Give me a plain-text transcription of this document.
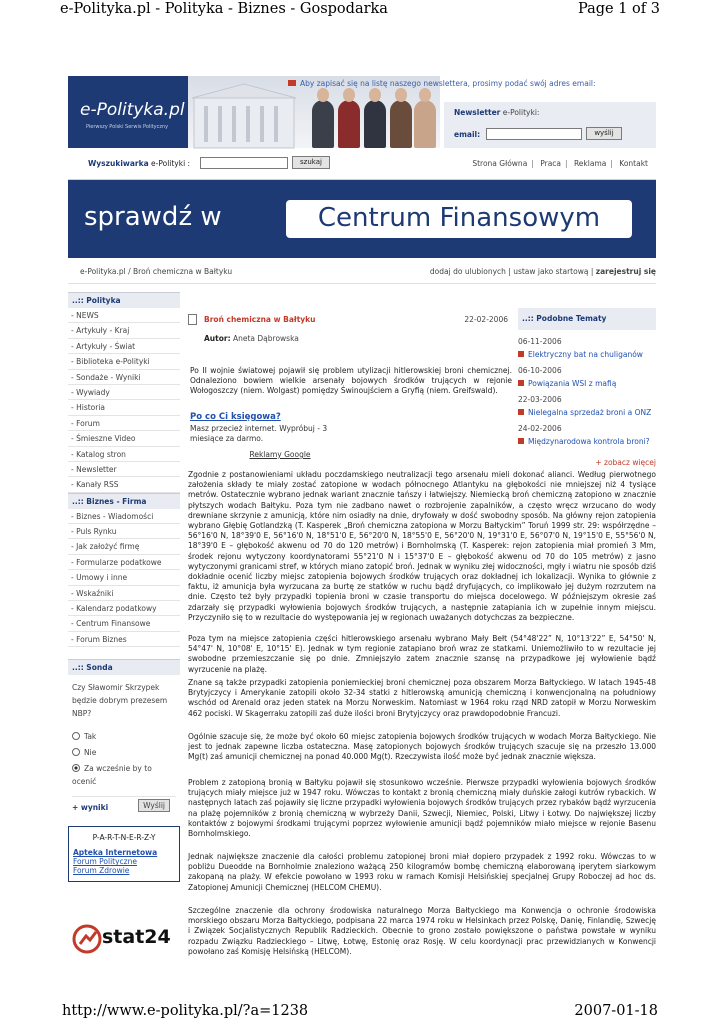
e-Polityka.pl - Polityka - Biznes - Gospodarka	Page 1 of 3
e-Polityka.pl
Pierwszy Polski Serwis Polityczny
Aby zapisać się na listę naszego newslettera, prosimy podać swój adres email:
Newsletter e-Polityki:
email:	wyślij
Wyszukiwarka e-Polityki :	szukaj	Strona Główna | Praca | Reklama | Kontakt
sprawdź w	Centrum Finansowym
e-Polityka.pl / Broń chemiczna w Bałtyku	dodaj do ulubionych | ustaw jako startową | zarejestruj się
..:: Polityka
- NEWS
- Artykuły - Kraj
- Artykuły - Świat
- Biblioteka e-Polityki
- Sondaże - Wyniki
- Wywiady
- Historia
- Forum
- Śmieszne Video
- Katalog stron
- Newsletter
- Kanały RSS
..:: Biznes - Firma
- Biznes - Wiadomości
- Puls Rynku
- Jak założyć firmę
- Formularze podatkowe
- Umowy i inne
- Wskaźniki
- Kalendarz podatkowy
- Centrum Finansowe
- Forum Biznes
..:: Sonda
Czy Sławomir Skrzypek będzie dobrym prezesem NBP?
Tak
Nie
Za wcześnie by to ocenić
+ wyniki	Wyślij
P-A-R-T-N-E-R-Z-Y
Apteka Internetowa
Forum Polityczne
Forum Zdrowie
stat24
Broń chemiczna w Bałtyku	22-02-2006
Autor: Aneta Dąbrowska
Po II wojnie światowej pojawił się problem utylizacji hitlerowskiej broni chemicznej. Odnaleziono bowiem wielkie arsenały bojowych środków trujących w rejonie Wołogoszczy (niem. Wolgast) pomiędzy Świnoujściem a Gryfią (niem. Greifswald).
Po co Ci księgowa?
Masz przecież internet. Wypróbuj - 3 miesiące za darmo.
Reklamy Google
Zgodnie z postanowieniami układu poczdamskiego neutralizacji tego arsenału mieli dokonać alianci. Według pierwotnego założenia składy te miały zostać zatopione w wodach północnego Atlantyku na głębokości nie mniejszej niż 4 tysiące metrów. Ostatecznie wybrano jednak wariant znacznie tańszy i łatwiejszy. Niemiecką broń chemiczną zatopiono w znacznie płytszych wodach Bałtyku. Poza tym nie zadbano nawet o rozbrojenie zapalników, a często wręcz wrzucano do wody drewniane skrzynie z amunicją, które nim osiadły na dnie, dryfowały w dość swobodny sposób. Na główny rejon zatopienia wybrano Głębię Gotlandzką (T. Kasperek „Broń chemiczna zatopiona w Morzu Bałtyckim” Toruń 1999 str. 29: współrzędne – 56°16'0 N, 18°39'0 E, 56°16'0 N, 18°51'0 E, 56°20'0 N, 18°55'0 E, 56°20'0 N, 19°31'0 E, 56°07'0 N, 19°15'0 E, 55°56'0 N, 18°39'0 E – głębokość akwenu od 70 do 120 metrów) i Bornholmską (T. Kasperek: rejon zatopienia miał promień 3 Mm, środek rejonu wytyczony koordynatorami 55°21'0 N i 15°37'0 E – głębokość akwenu od 70 do 105 metrów) z jasno wytyczonymi granicami stref, w których miano zatopić broń. Jednak w wyniku złej widoczności, mgły i wiatru nie sposób dziś dokładnie ocenić liczby miejsc zatopienia bojowych środków trujących oraz dokładnej ich lokalizacji. Wynika to głównie z faktu, iż amunicja była wyrzucana za burtę ze statków w ruchu bądź dryfujących, co implikowało jej dużym rozrzutem na dnie. Często też były przypadki topienia broni w czasie transportu do miejsca docelowego. W późniejszym okresie zaś zdarzały się przypadki wyłowienia bojowych środków trujących, a następnie zatapiania ich w zupełnie innym miejscu. Przyczyniło się to w rezultacie do występowania jej w regionach uważanych dotychczas za bezpieczne.
Poza tym na miejsce zatopienia części hitlerowskiego arsenału wybrano Mały Bełt (54°48'22” N, 10°13'22” E, 54°50' N, 54°47' N, 10°08' E, 10°15' E). Jednak w tym regionie zatapiano broń wraz ze statkami. Uniemożliwiło to w rezultacie jej swobodne przemieszczanie się po dnie. Zmniejszyło zatem znacznie szansę na przypadkowe jej wyłowienie bądź wyrzucenie na plażę.
Znane są także przypadki zatopienia poniemieckiej broni chemicznej poza obszarem Morza Bałtyckiego. W latach 1945-48 Brytyjczycy i Amerykanie zatopili około 32-34 statki z hitlerowską amunicją chemiczną i konwencjonalną na południowy wschód od Arenald oraz jeden statek na Morzu Norweskim. Natomiast w 1964 roku rząd NRD zatopił w Morzu Norweskim 462 pociski. W Skagerraku zatopili zaś duże ilości broni Brytyjczycy oraz prawdopodobnie Francuzi.
Ogólnie szacuje się, że może być około 60 miejsc zatopienia bojowych środków trujących w wodach Morza Bałtyckiego. Nie jest to jednak zapewne liczba ostateczna. Masę zatopionych bojowych środków trujących szacuje się na przeszło 13.000 Mg(t) zaś amunicji chemicznej na ponad 40.000 Mg(t). Rzeczywista ilość może być jednak znacznie większa.
Problem z zatopioną bronią w Bałtyku pojawił się stosunkowo wcześnie. Pierwsze przypadki wyłowienia bojowych środków trujących miały miejsce już w 1947 roku. Wówczas to kontakt z bronią chemiczną miały duńskie załogi kutrów rybackich. W następnych latach zaś pojawiły się liczne przypadki wyłowienia bojowych środków trujących przez rybaków bądź wyrzucenia na plażę pojemników z bronią chemiczną w wybrzeży Danii, Szwecji, Niemiec, Polski, Litwy i Łotwy. Do największej liczby kontaktów z bojowymi środkami trującymi poprzez wyłowienie amunicji bądź pojemników miało miejsce w rejonie Basenu Bornholmskiego.
Jednak największe znaczenie dla całości problemu zatopionej broni miał dopiero przypadek z 1992 roku. Wówczas to w pobliżu Dueodde na Bornholmie znaleziono ważącą 250 kilogramów bombę chemiczną elaborowaną iperytem siarkowym zakopaną na plaży. W efekcie powołano w 1993 roku w ramach Komisji Helsińskiej specjalnej Grupy Roboczej ad hoc ds. Zatopionej Amunicji Chemicznej (HELCOM CHEMU).
Szczególne znaczenie dla ochrony środowiska naturalnego Morza Bałtyckiego ma Konwencja o ochronie środowiska morskiego obszaru Morza Bałtyckiego, podpisana 22 marca 1974 roku w Helsinkach przez Polskę, Danię, Finlandię, Szwecję i Związek Socjalistycznych Republik Radzieckich. Obecnie to grono zostało powiększone o państwa powstałe w wyniku rozpadu Związku Radzieckiego – Litwę, Łotwę, Estonię oraz Rosję. W celu koordynacji prac przewidzianych w Konwencji powołano zaś Komisję Helsińską (HELCOM).
..:: Podobne Tematy
06-11-2006
Elektryczny bat na chuliganów
06-10-2006
Powiązania WSI z mafią
22-03-2006
Nielegalna sprzedaż broni a ONZ
24-02-2006
Międzynarodowa kontrola broni?
+ zobacz więcej
http://www.e-polityka.pl/?a=1238	2007-01-18
